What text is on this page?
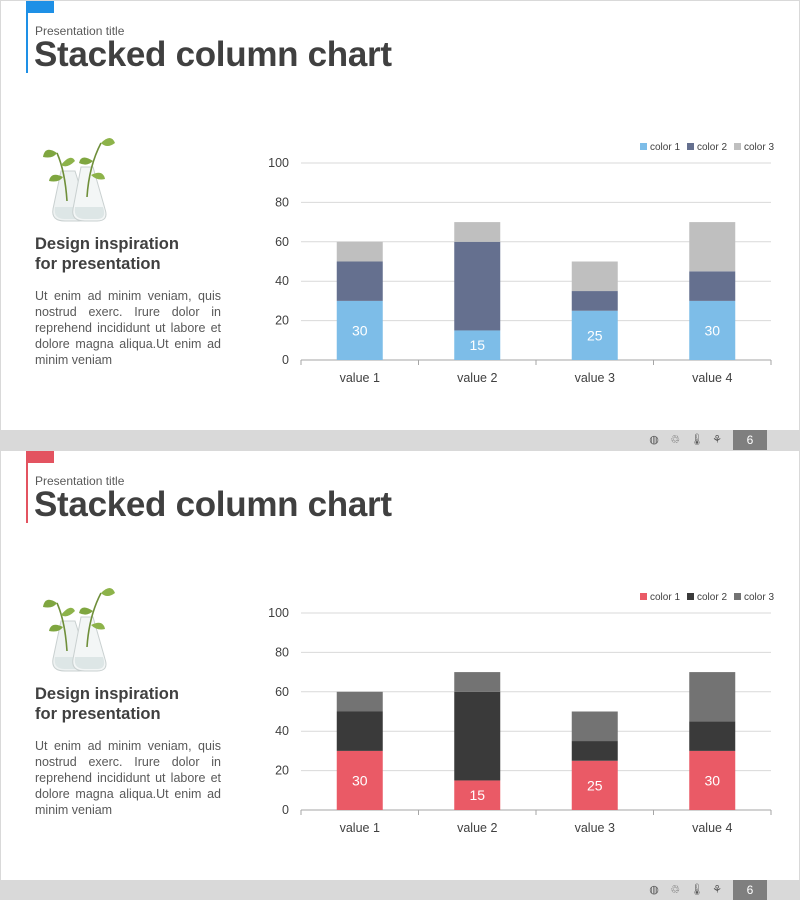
Presentation title
Stacked column chart
Design inspiration
for presentation
Ut enim ad minim veniam, quis nostrud exerc. Irure dolor in reprehend incididunt ut labore et dolore magna aliqua.Ut enim ad minim veniam	0
20
40
60
80
100
30
value 1
15
value 2
25
value 3
30
value 4
color 1 color 2 color 3
◍ ♲ 🌡︎ ⚘	6
Presentation title
Stacked column chart
Design inspiration
for presentation
Ut enim ad minim veniam, quis nostrud exerc. Irure dolor in reprehend incididunt ut labore et dolore magna aliqua.Ut enim ad minim veniam	0
20
40
60
80
100
30
value 1
15
value 2
25
value 3
30
value 4
color 1 color 2 color 3
◍ ♲ 🌡︎ ⚘	6
